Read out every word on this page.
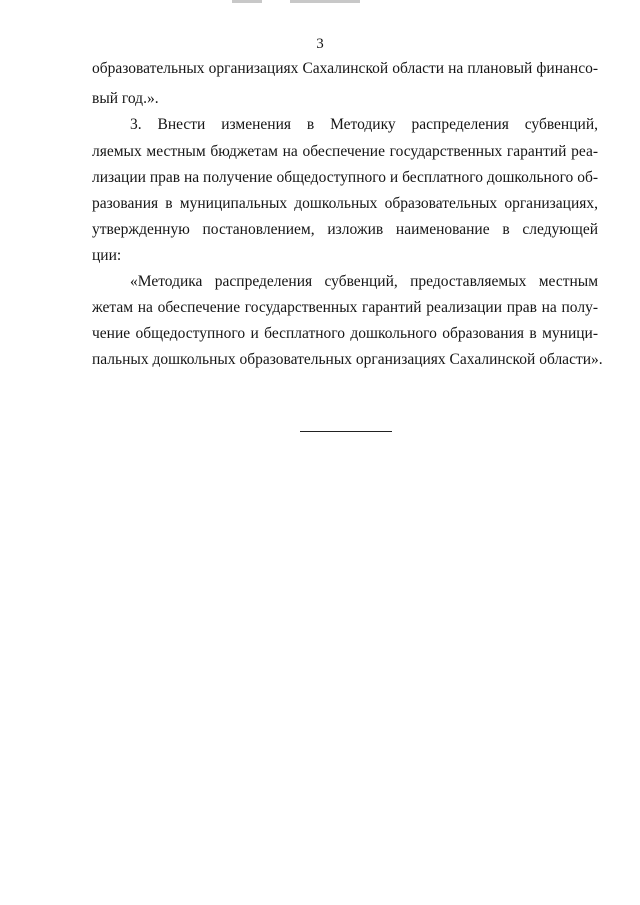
3
образовательных организациях Сахалинской области на плановый финансо-
вый год.».
3. Внести изменения в Методику распределения субвенций,
ляемых местным бюджетам на обеспечение государственных гарантий реа-
лизации прав на получение общедоступного и бесплатного дошкольного об-
разования в муниципальных дошкольных образовательных организациях,
утвержденную постановлением, изложив наименование в следующей
ции:
«Методика распределения субвенций, предоставляемых местным
жетам на обеспечение государственных гарантий реализации прав на полу-
чение общедоступного и бесплатного дошкольного образования в муници-
пальных дошкольных образовательных организациях Сахалинской области».
